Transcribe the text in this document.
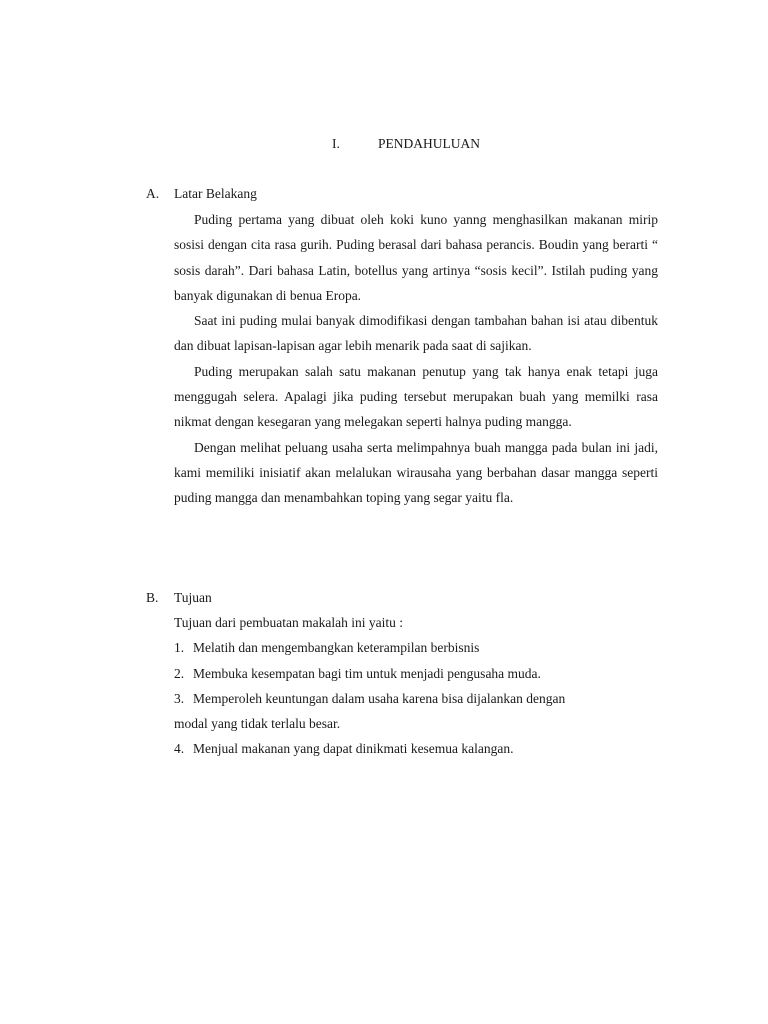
I.	PENDAHULUAN
A. Latar Belakang

Puding pertama yang dibuat oleh koki kuno yanng menghasilkan makanan mirip sosisi dengan cita rasa gurih. Puding berasal dari bahasa perancis. Boudin yang berarti “ sosis darah”. Dari bahasa Latin, botellus yang artinya “sosis kecil”. Istilah puding yang banyak digunakan di benua Eropa.

Saat ini puding mulai banyak dimodifikasi dengan tambahan bahan isi atau dibentuk dan dibuat lapisan-lapisan agar lebih menarik pada saat di sajikan.

Puding merupakan salah satu makanan penutup yang tak hanya enak tetapi juga menggugah selera. Apalagi jika puding tersebut merupakan buah yang memilki rasa nikmat dengan kesegaran yang melegakan seperti halnya puding mangga.

Dengan melihat peluang usaha serta melimpahnya buah mangga pada bulan ini jadi, kami memiliki inisiatif akan melalukan wirausaha yang berbahan dasar mangga seperti puding mangga dan menambahkan toping yang segar yaitu fla.

B. Tujuan

Tujuan dari pembuatan makalah ini yaitu :

1. Melatih dan mengembangkan keterampilan berbisnis
2. Membuka kesempatan bagi tim untuk menjadi pengusaha muda.
3. Memperoleh keuntungan dalam usaha karena bisa dijalankan dengan
modal yang tidak terlalu besar.
4. Menjual makanan yang dapat dinikmati kesemua kalangan.
